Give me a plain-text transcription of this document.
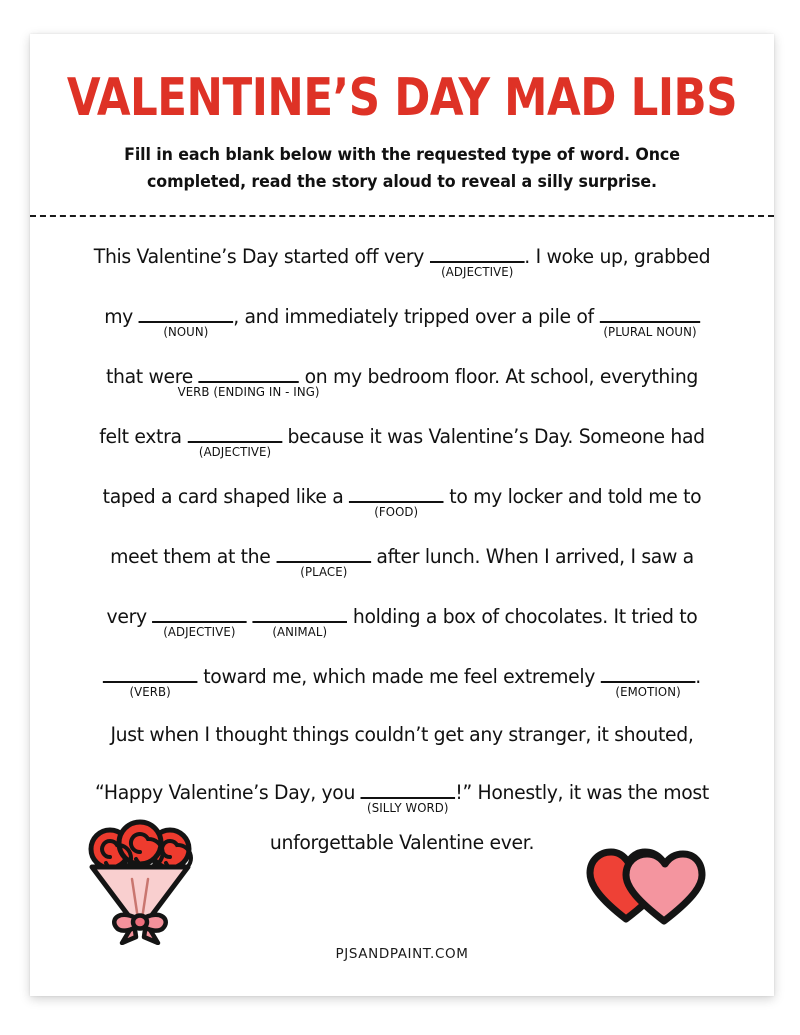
VALENTINE’S DAY MAD LIBS

Fill in each blank below with the requested type of word. Once completed, read the story aloud to reveal a silly surprise.

This Valentine’s Day started off very
(ADJECTIVE)
. I woke up, grabbed
my
(NOUN)
, and immediately tripped over a pile of
(PLURAL NOUN)
that were
VERB (ENDING IN - ING)
on my bedroom floor. At school, everything
felt extra
(ADJECTIVE)
because it was Valentine’s Day. Someone had
taped a card shaped like a
(FOOD)
to my locker and told me to
meet them at the
(PLACE)
after lunch. When I arrived, I saw a
very
(ADJECTIVE)
	(ANIMAL)
holding a box of chocolates. It tried to
(VERB)
toward me, which made me feel extremely
(EMOTION)
.
Just when I thought things couldn’t get any stranger, it shouted,
“Happy Valentine’s Day, you
(SILLY WORD)
!” Honestly, it was the most
unforgettable Valentine ever.
PJSANDPAINT.COM
